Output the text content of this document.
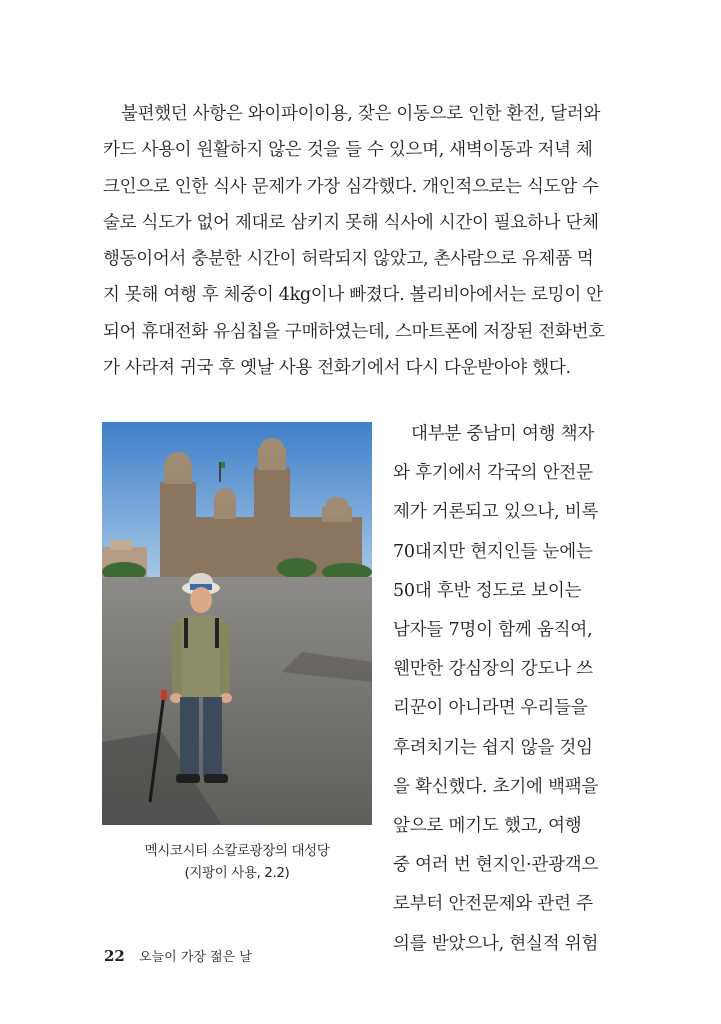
불편했던 사항은 와이파이이용, 잦은 이동으로 인한 환전, 달러와
카드 사용이 원활하지 않은 것을 들 수 있으며, 새벽이동과 저녁 체
크인으로 인한 식사 문제가 가장 심각했다. 개인적으로는 식도암 수
술로 식도가 없어 제대로 삼키지 못해 식사에 시간이 필요하나 단체
행동이어서 충분한 시간이 허락되지 않았고, 촌사람으로 유제품 먹
지 못해 여행 후 체중이 4kg이나 빠졌다. 볼리비아에서는 로밍이 안
되어 휴대전화 유심칩을 구매하였는데, 스마트폰에 저장된 전화번호
가 사라져 귀국 후 옛날 사용 전화기에서 다시 다운받아야 했다.
멕시코시티 소칼로광장의 대성당
(지팡이 사용, 2.2)
대부분 중남미 여행 책자
와 후기에서 각국의 안전문
제가 거론되고 있으나, 비록
70대지만 현지인들 눈에는
50대 후반 정도로 보이는
남자들 7명이 함께 움직여,
웬만한 강심장의 강도나 쓰
리꾼이 아니라면 우리들을
후려치기는 쉽지 않을 것임
을 확신했다. 초기에 백팩을
앞으로 메기도 했고, 여행
중 여러 번 현지인·관광객으
로부터 안전문제와 관련 주
의를 받았으나, 현실적 위험
22 오늘이 가장 젊은 날
